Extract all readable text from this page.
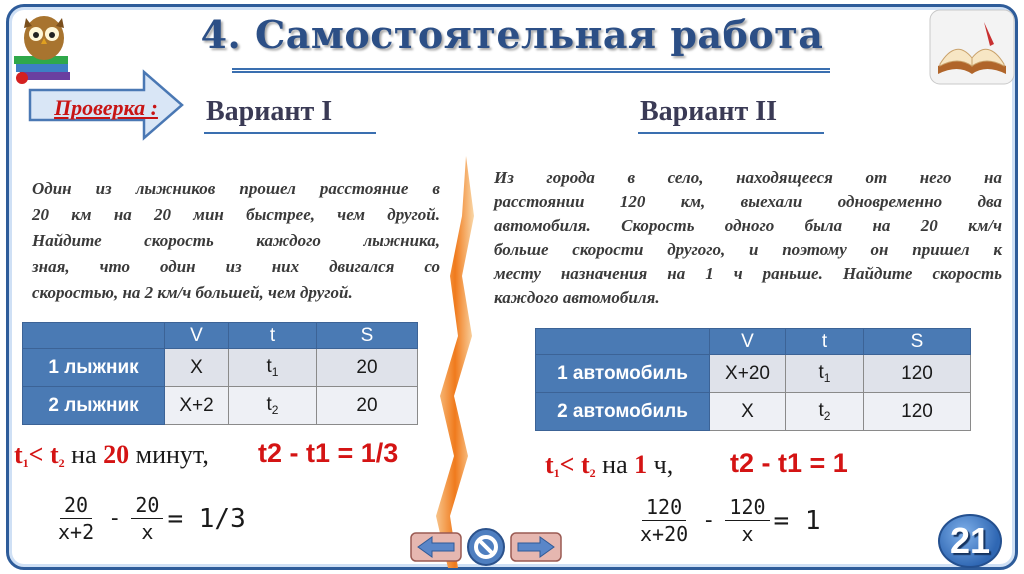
4. Самостоятельная работа
Проверка :	Вариант I	Вариант II
Один из лыжников прошел расстояние в
20 км на 20 мин быстрее, чем другой.
Найдите скорость каждого лыжника,
зная, что один из них двигался со
скоростью, на 2 км/ч большей, чем другой.
Из города в село, находящееся от него на
расстоянии 120 км, выехали одновременно два
автомобиля. Скорость одного была на 20 км/ч
больше скорости другого, и поэтому он пришел к
месту назначения на 1 ч раньше. Найдите скорость
каждого автомобиля.
	V	t	S
1 лыжник	X	$t_1$	20
2 лыжник	X+2	$t_2$	20
	V	t	S
1 автомобиль	X+20	$t_1$	120
2 автомобиль	X	$t_2$	120
$t_1< t_2$ на 20 минут, t2 - t1 = 1/3	$t_1< t_2$ на 1 ч, t2 - t1 = 1
$\frac{20}{x+2} - \frac{20}{x} = 1/3$	$\frac{120}{x+20} - \frac{120}{x} = 1$	21
